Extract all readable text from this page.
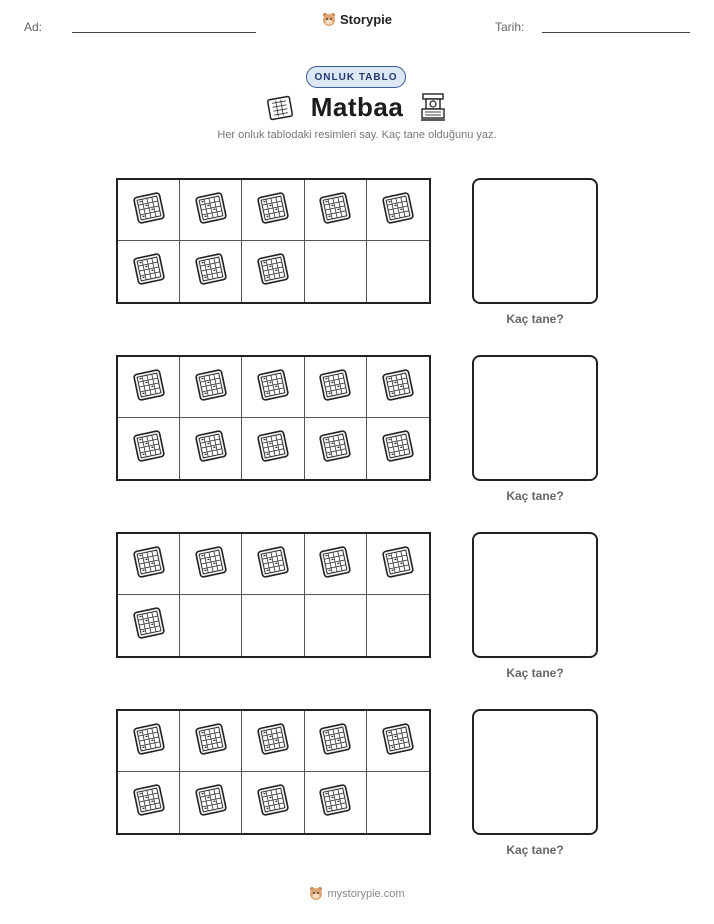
Ad:	Tarih:
Storypie
ONLUK TABLO
Matbaa
Her onluk tablodaki resimleri say. Kaç tane olduğunu yaz.
Kaç tane?
Kaç tane?
Kaç tane?
Kaç tane?
mystorypie.com
